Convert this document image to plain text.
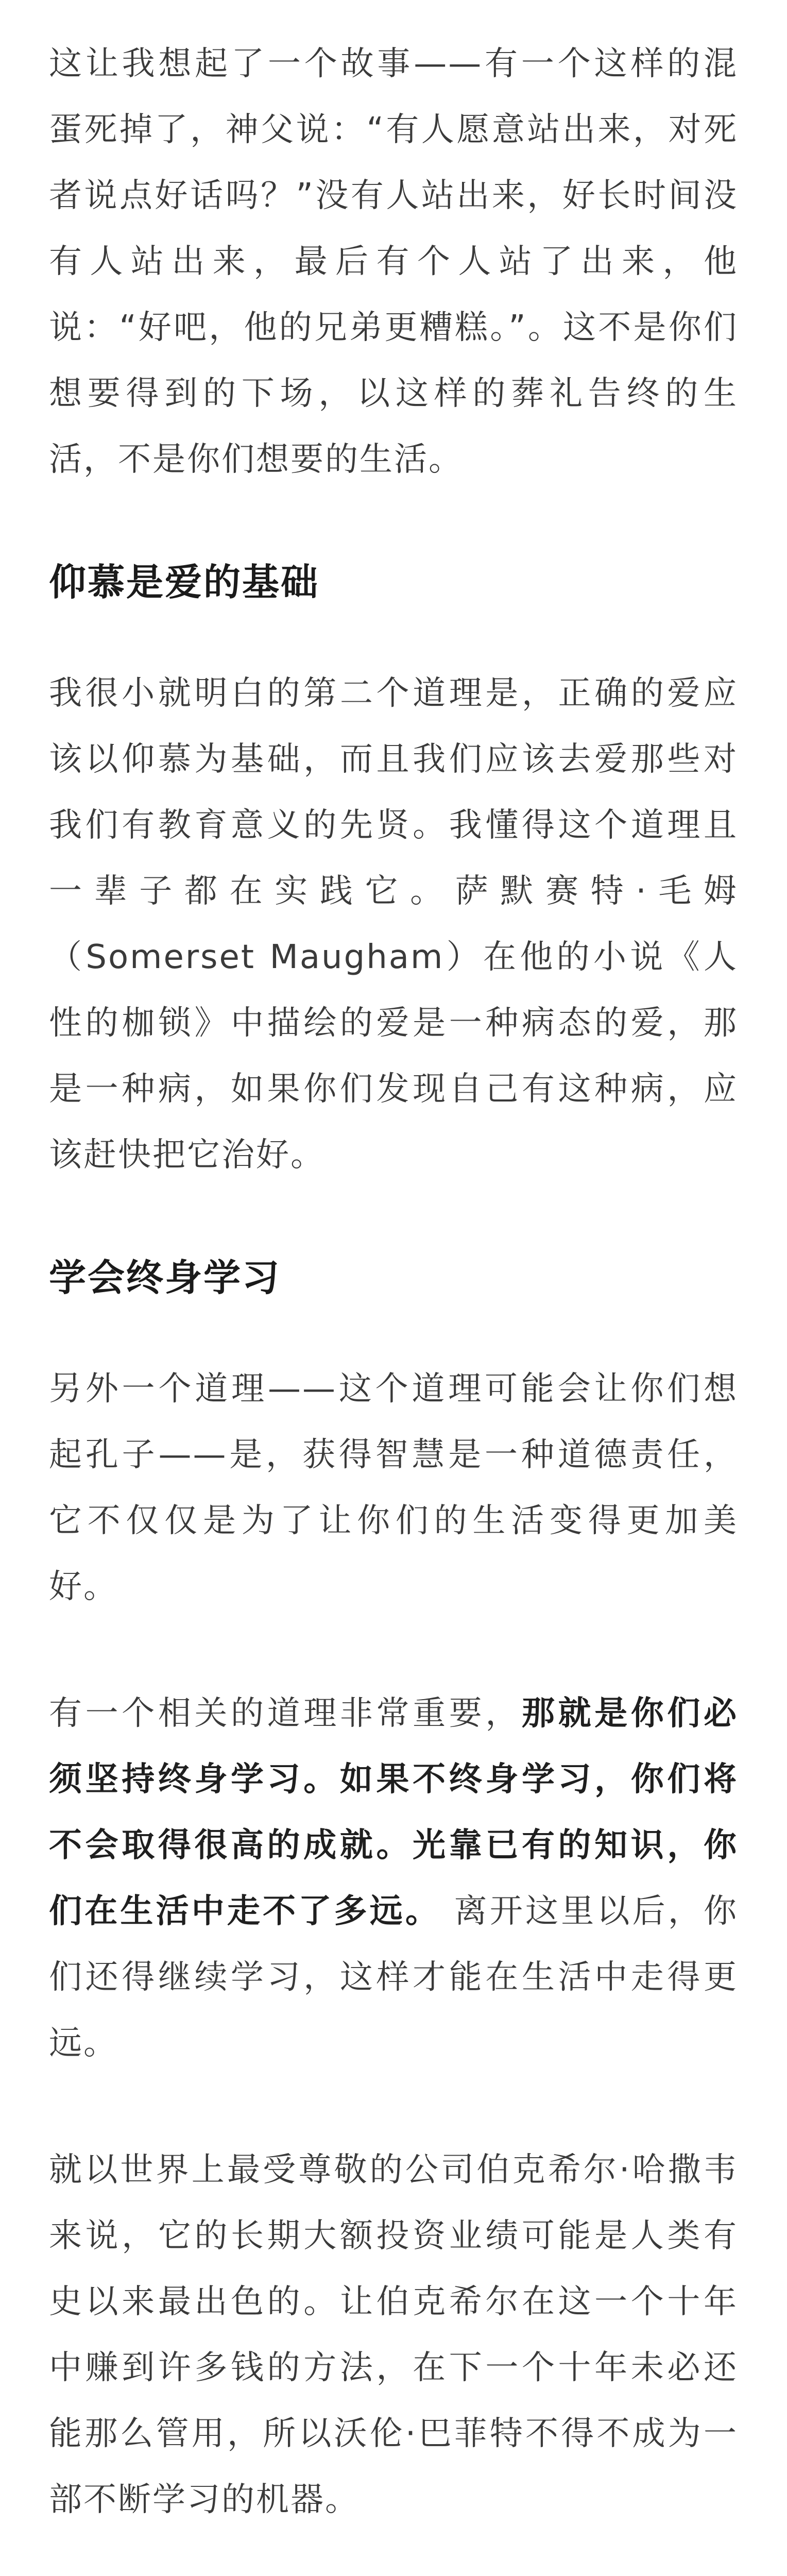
这让我想起了一个故事——有一个这样的混蛋死掉了，神父说：“有人愿意站出来，对死者说点好话吗？”没有人站出来，好长时间没有人站出来，最后有个人站了出来，他说：“好吧，他的兄弟更糟糕。”。这不是你们想要得到的下场，以这样的葬礼告终的生活，不是你们想要的生活。

仰慕是爱的基础

我很小就明白的第二个道理是，正确的爱应该以仰慕为基础，而且我们应该去爱那些对我们有教育意义的先贤。我懂得这个道理且一辈子都在实践它。萨默赛特·毛姆（Somerset Maugham）在他的小说《人性的枷锁》中描绘的爱是一种病态的爱，那是一种病，如果你们发现自己有这种病，应该赶快把它治好。

学会终身学习

另外一个道理——这个道理可能会让你们想起孔子——是，获得智慧是一种道德责任，它不仅仅是为了让你们的生活变得更加美好。

有一个相关的道理非常重要，那就是你们必须坚持终身学习。如果不终身学习，你们将不会取得很高的成就。光靠已有的知识，你们在生活中走不了多远。 离开这里以后，你们还得继续学习，这样才能在生活中走得更远。

就以世界上最受尊敬的公司伯克希尔·哈撒韦来说，它的长期大额投资业绩可能是人类有史以来最出色的。让伯克希尔在这一个十年中赚到许多钱的方法，在下一个十年未必还能那么管用，所以沃伦·巴菲特不得不成为一部不断学习的机器。
